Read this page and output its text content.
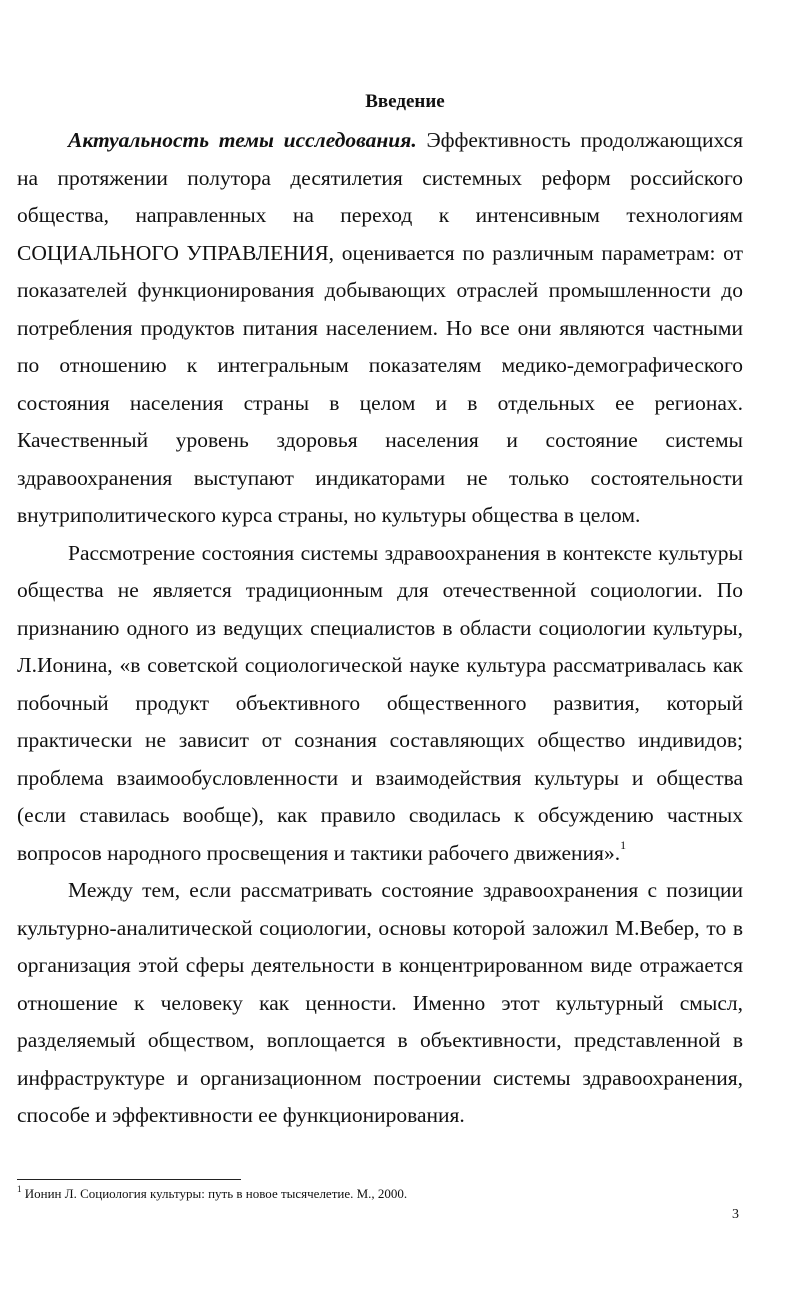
Введение

Актуальность темы исследования. Эффективность продолжающихся на протяжении полутора десятилетия системных реформ российского общества, направленных на переход к интенсивным технологиям СОЦИАЛЬНОГО УПРАВЛЕНИЯ, оценивается по различным параметрам: от показателей функционирования добывающих отраслей промышленности до потребления продуктов питания населением. Но все они являются частными по отношению к интегральным показателям медико-демографического состояния населения страны в целом и в отдельных ее регионах. Качественный уровень здоровья населения и состояние системы здравоохранения выступают индикаторами не только состоятельности внутриполитического курса страны, но культуры общества в целом.

Рассмотрение состояния системы здравоохранения в контексте культуры общества не является традиционным для отечественной социологии. По признанию одного из ведущих специалистов в области социологии культуры, Л.Ионина, «в советской социологической науке культура рассматривалась как побочный продукт объективного общественного развития, который практически не зависит от сознания составляющих общество индивидов; проблема взаимообусловленности и взаимодействия культуры и общества (если ставилась вообще), как правило сводилась к обсуждению частных вопросов народного просвещения и тактики рабочего движения».$^1$

Между тем, если рассматривать состояние здравоохранения с позиции культурно-аналитической социологии, основы которой заложил М.Вебер, то в организация этой сферы деятельности в концентрированном виде отражается отношение к человеку как ценности. Именно этот культурный смысл, разделяемый обществом, воплощается в объективности, представленной в инфраструктуре и организационном построении системы здравоохранения, способе и эффективности ее функционирования.

$^1$ Ионин Л. Социология культуры: путь в новое тысячелетие. М., 2000.
3
